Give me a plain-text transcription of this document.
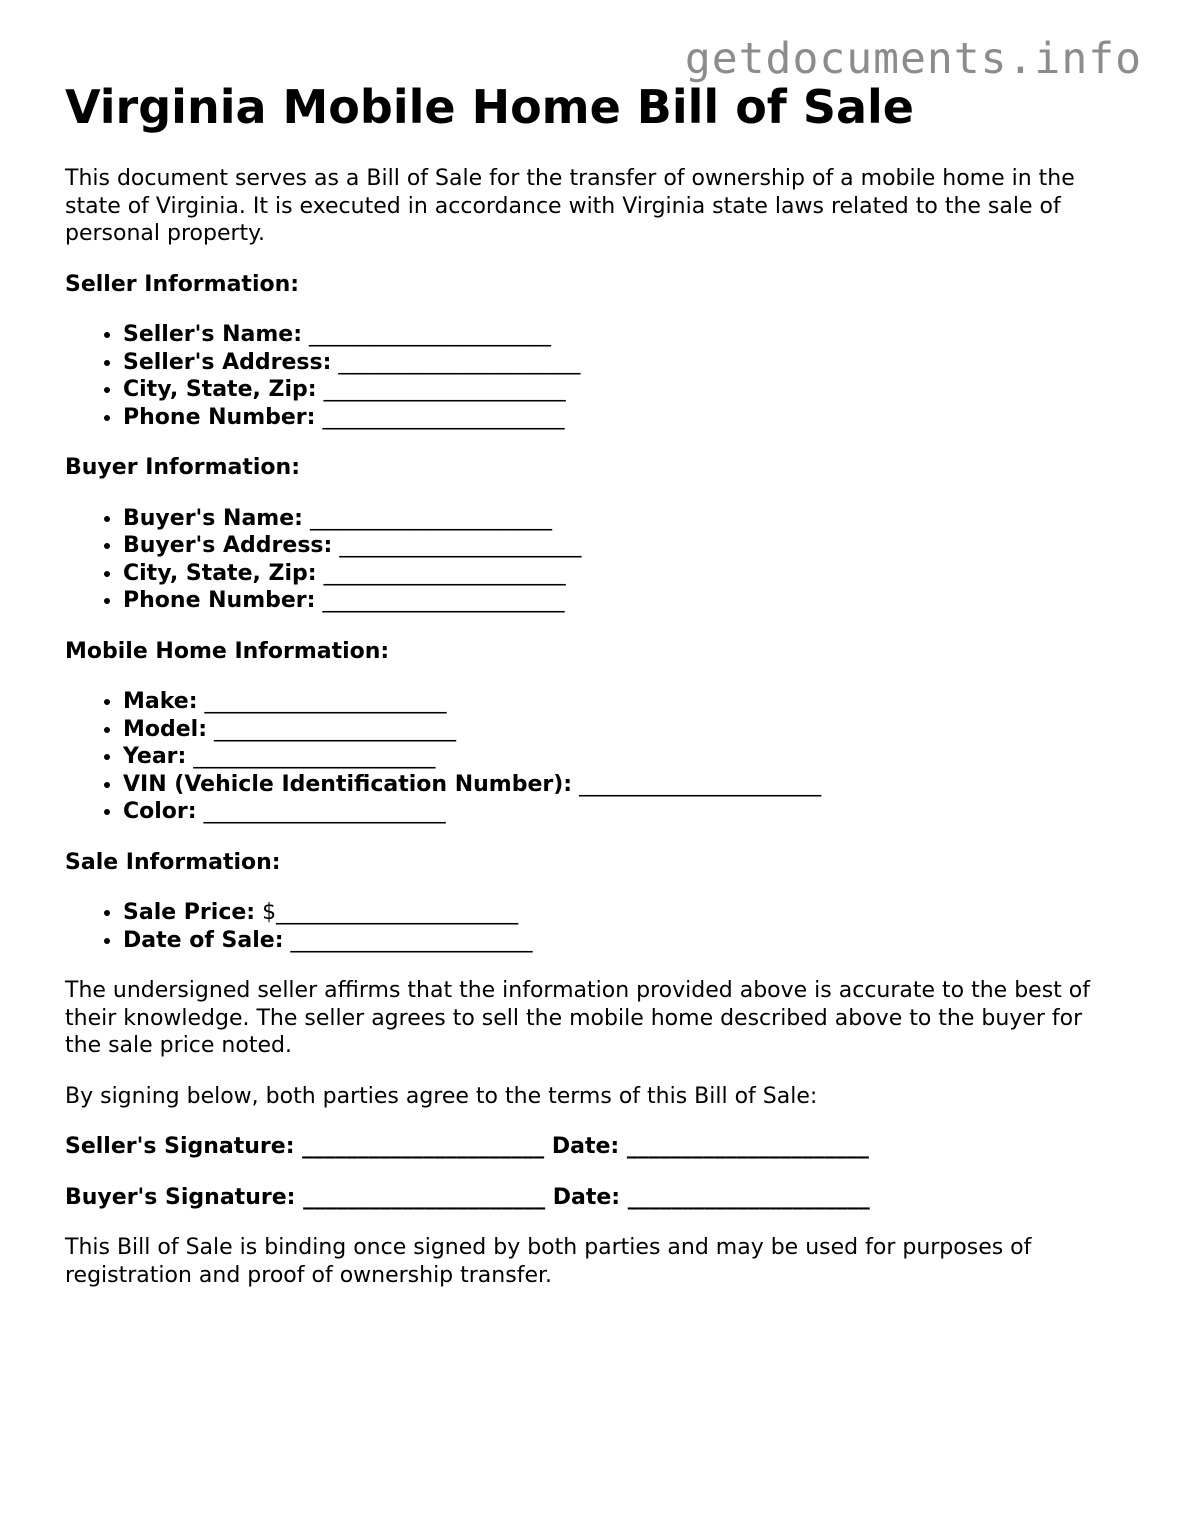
getdocuments.info
Virginia Mobile Home Bill of Sale

This document serves as a Bill of Sale for the transfer of ownership of a mobile home in the state of Virginia. It is executed in accordance with Virginia state laws related to the sale of personal property.

Seller Information:
• Seller's Name: ______________________
• Seller's Address: ______________________
• City, State, Zip: ______________________
• Phone Number: ______________________
Buyer Information:
• Buyer's Name: ______________________
• Buyer's Address: ______________________
• City, State, Zip: ______________________
• Phone Number: ______________________
Mobile Home Information:
• Make: ______________________
• Model: ______________________
• Year: ______________________
• VIN (Vehicle Identification Number): ______________________
• Color: ______________________
Sale Information:
• Sale Price: $______________________
• Date of Sale: ______________________

The undersigned seller affirms that the information provided above is accurate to the best of their knowledge. The seller agrees to sell the mobile home described above to the buyer for the sale price noted.

By signing below, both parties agree to the terms of this Bill of Sale:

Seller's Signature: ______________________ Date: ______________________
Buyer's Signature: ______________________ Date: ______________________

This Bill of Sale is binding once signed by both parties and may be used for purposes of registration and proof of ownership transfer.
